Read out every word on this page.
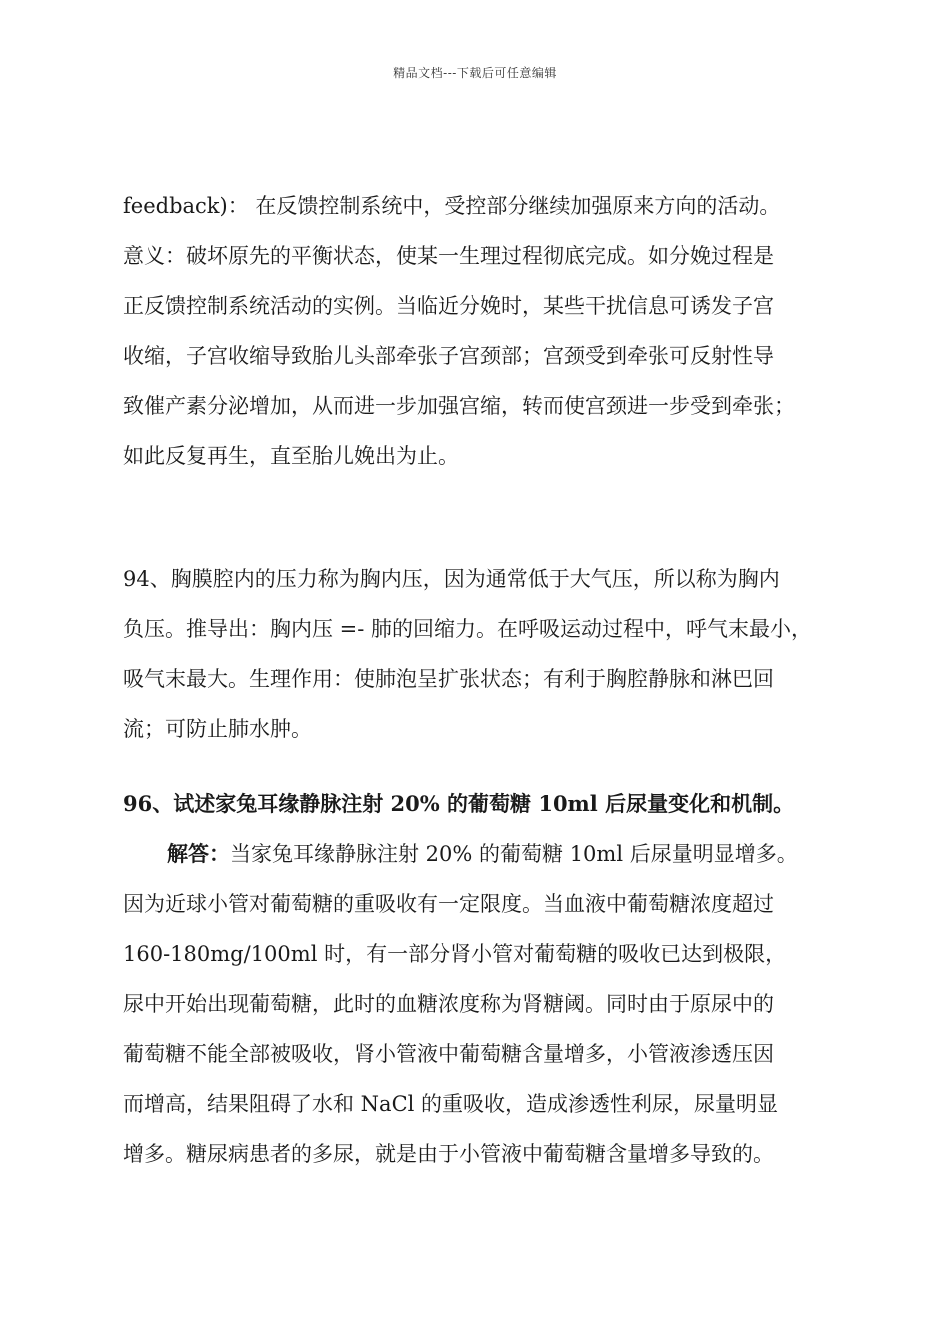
精品文档---下载后可任意编辑
feedback)： 在反馈控制系统中，受控部分继续加强原来方向的活动。
意义：破坏原先的平衡状态，使某一生理过程彻底完成。如分娩过程是
正反馈控制系统活动的实例。当临近分娩时，某些干扰信息可诱发子宫
收缩，子宫收缩导致胎儿头部牵张子宫颈部；宫颈受到牵张可反射性导
致催产素分泌增加，从而进一步加强宫缩，转而使宫颈进一步受到牵张；
如此反复再生，直至胎儿娩出为止。
94、胸膜腔内的压力称为胸内压，因为通常低于大气压，所以称为胸内
负压。推导出：胸内压 =- 肺的回缩力。在呼吸运动过程中，呼气末最小，
吸气末最大。生理作用：使肺泡呈扩张状态；有利于胸腔静脉和淋巴回
流；可防止肺水肿。
96、试述家兔耳缘静脉注射 20% 的葡萄糖 10ml 后尿量变化和机制。
解答：当家兔耳缘静脉注射 20% 的葡萄糖 10ml 后尿量明显增多。
因为近球小管对葡萄糖的重吸收有一定限度。当血液中葡萄糖浓度超过
160-180mg/100ml 时，有一部分肾小管对葡萄糖的吸收已达到极限，
尿中开始出现葡萄糖，此时的血糖浓度称为肾糖阈。同时由于原尿中的
葡萄糖不能全部被吸收，肾小管液中葡萄糖含量增多，小管液渗透压因
而增高，结果阻碍了水和 NaCl 的重吸收，造成渗透性利尿，尿量明显
增多。糖尿病患者的多尿，就是由于小管液中葡萄糖含量增多导致的。
